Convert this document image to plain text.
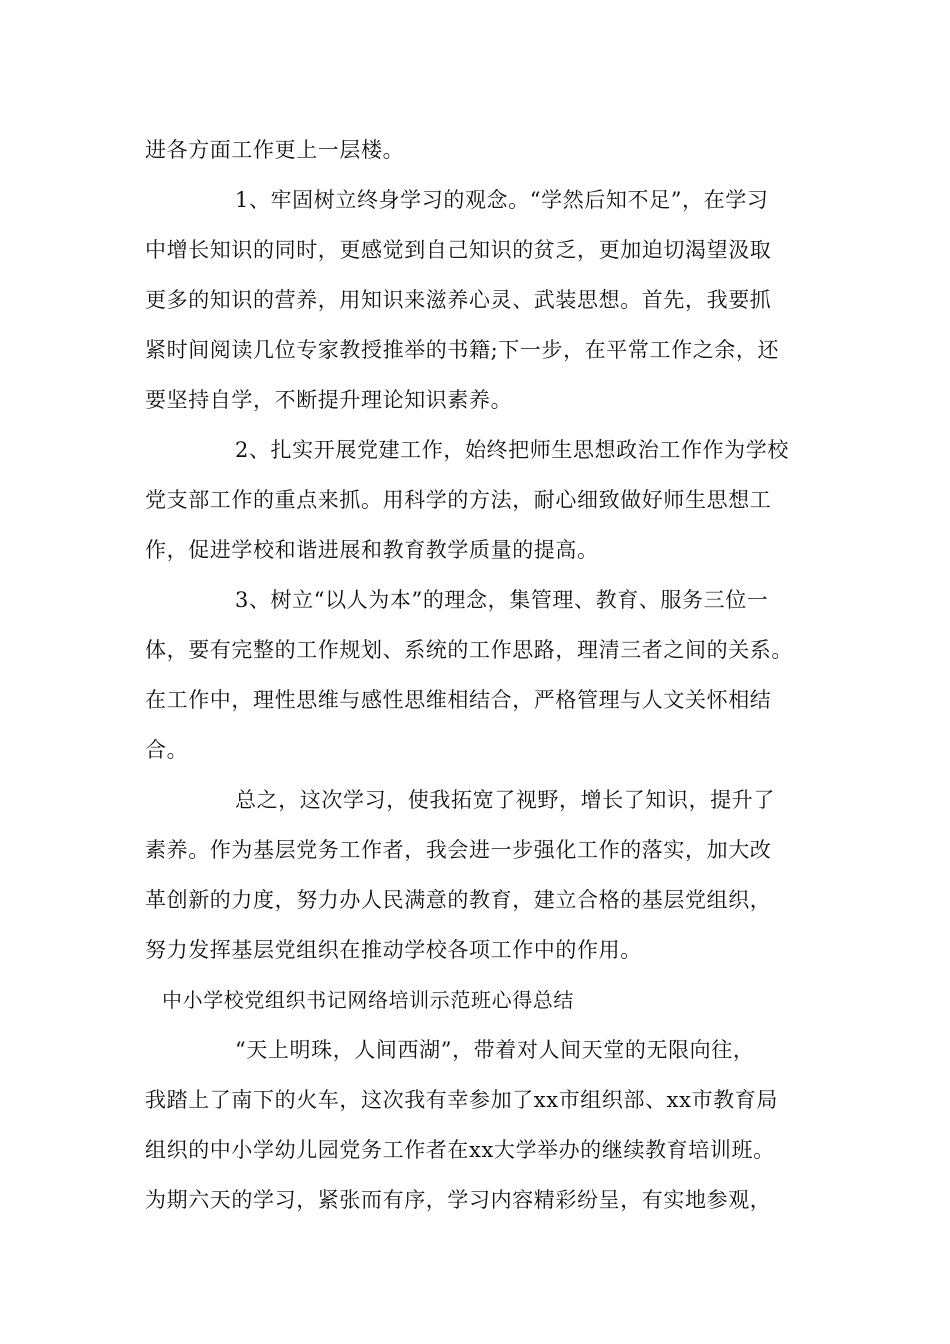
进各方面工作更上一层楼。
1、牢固树立终身学习的观念。“学然后知不足”，在学习
中增长知识的同时，更感觉到自己知识的贫乏，更加迫切渴望汲取
更多的知识的营养，用知识来滋养心灵、武装思想。首先，我要抓
紧时间阅读几位专家教授推举的书籍;下一步，在平常工作之余，还
要坚持自学，不断提升理论知识素养。
2、扎实开展党建工作，始终把师生思想政治工作作为学校
党支部工作的重点来抓。用科学的方法，耐心细致做好师生思想工
作，促进学校和谐进展和教育教学质量的提高。
3、树立“以人为本”的理念，集管理、教育、服务三位一
体，要有完整的工作规划、系统的工作思路，理清三者之间的关系。
在工作中，理性思维与感性思维相结合，严格管理与人文关怀相结
合。
总之，这次学习，使我拓宽了视野，增长了知识，提升了
素养。作为基层党务工作者，我会进一步强化工作的落实，加大改
革创新的力度，努力办人民满意的教育，建立合格的基层党组织，
努力发挥基层党组织在推动学校各项工作中的作用。
中小学校党组织书记网络培训示范班心得总结
“天上明珠，人间西湖”，带着对人间天堂的无限向往，
我踏上了南下的火车，这次我有幸参加了xx市组织部、xx市教育局
组织的中小学幼儿园党务工作者在xx大学举办的继续教育培训班。
为期六天的学习，紧张而有序，学习内容精彩纷呈，有实地参观，
